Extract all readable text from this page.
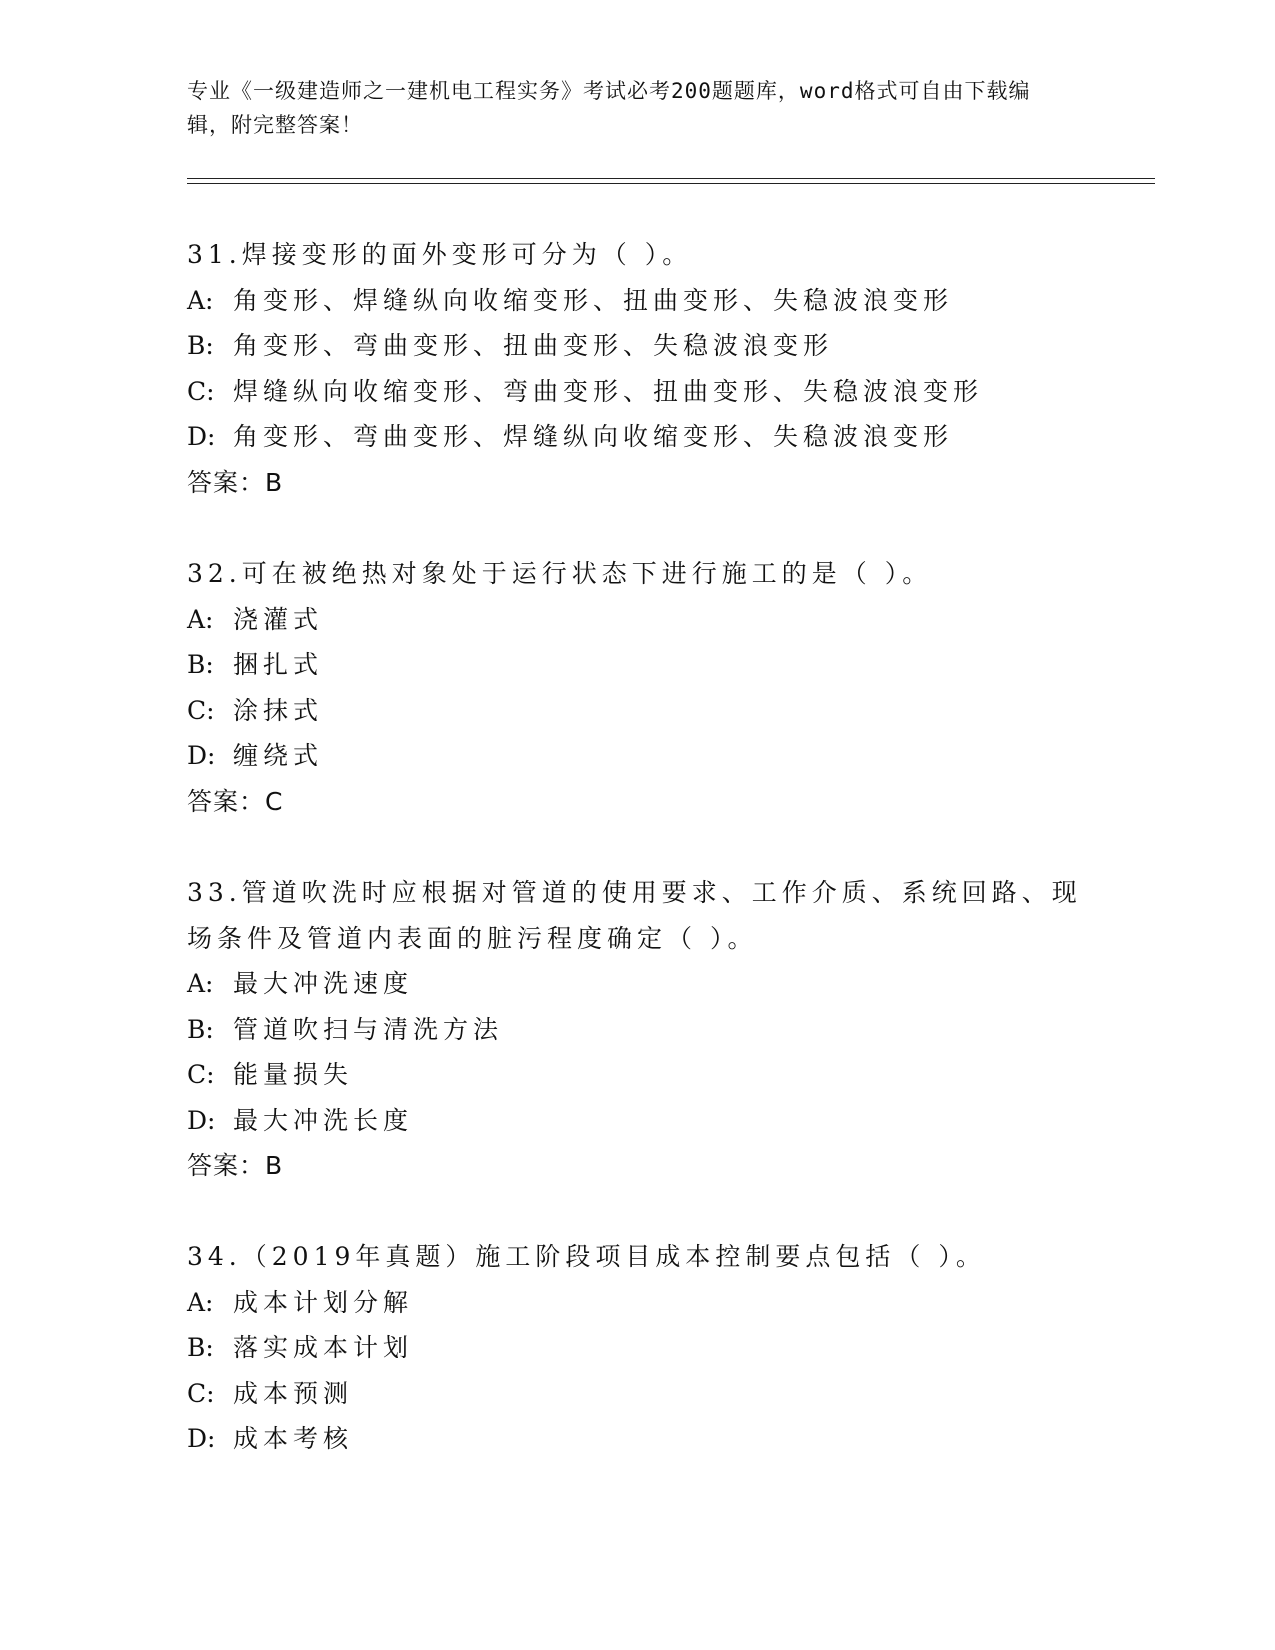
专业《一级建造师之一建机电工程实务》考试必考200题题库，word格式可自由下载编辑，附完整答案！
31.焊接变形的面外变形可分为（ ）。
A: 角变形、焊缝纵向收缩变形、扭曲变形、失稳波浪变形
B: 角变形、弯曲变形、扭曲变形、失稳波浪变形
C: 焊缝纵向收缩变形、弯曲变形、扭曲变形、失稳波浪变形
D: 角变形、弯曲变形、焊缝纵向收缩变形、失稳波浪变形
答案：B
32.可在被绝热对象处于运行状态下进行施工的是（ ）。
A: 浇灌式
B: 捆扎式
C: 涂抹式
D: 缠绕式
答案：C
33.管道吹洗时应根据对管道的使用要求、工作介质、系统回路、现场条件及管道内表面的脏污程度确定（ ）。
A: 最大冲洗速度
B: 管道吹扫与清洗方法
C: 能量损失
D: 最大冲洗长度
答案：B
34.（2019年真题）施工阶段项目成本控制要点包括（ ）。
A: 成本计划分解
B: 落实成本计划
C: 成本预测
D: 成本考核
